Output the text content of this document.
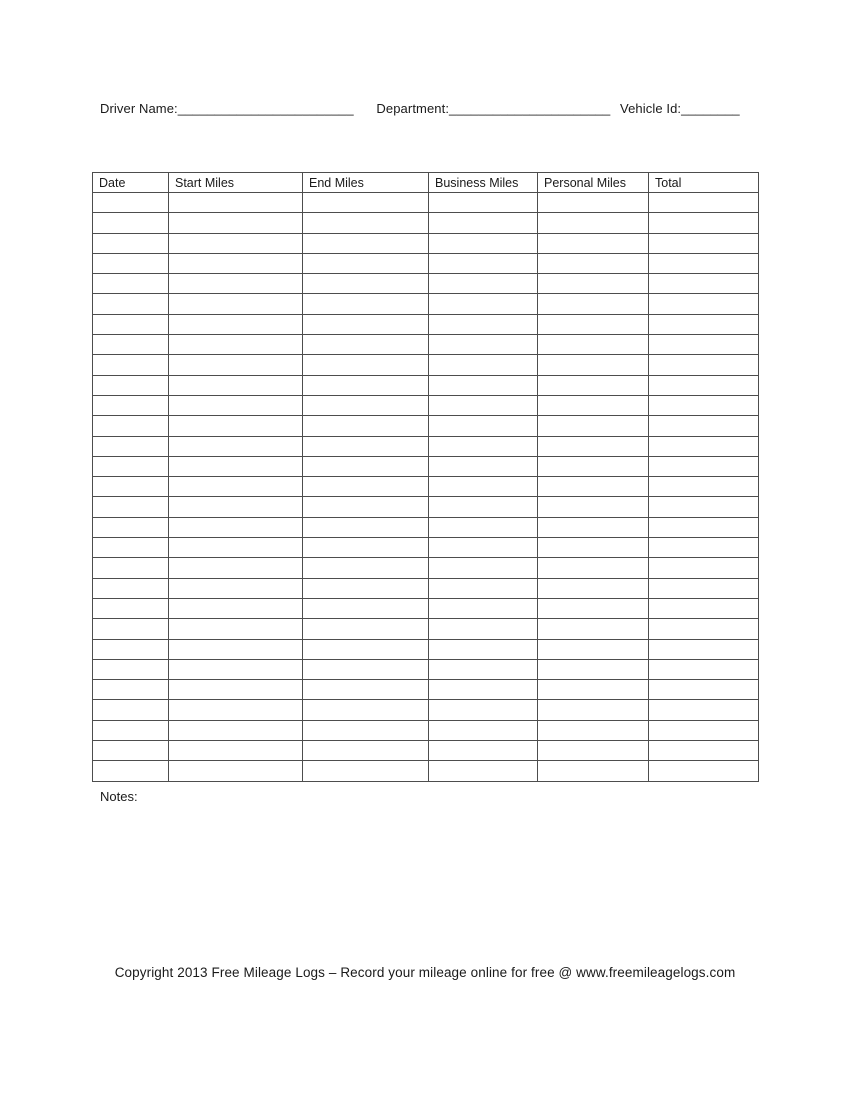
Driver Name:________________________ Department:______________________ Vehicle Id:________
Date	Start Miles	End Miles	Business Miles	Personal Miles	Total

Notes:
Copyright 2013 Free Mileage Logs – Record your mileage online for free @ www.freemileagelogs.com
